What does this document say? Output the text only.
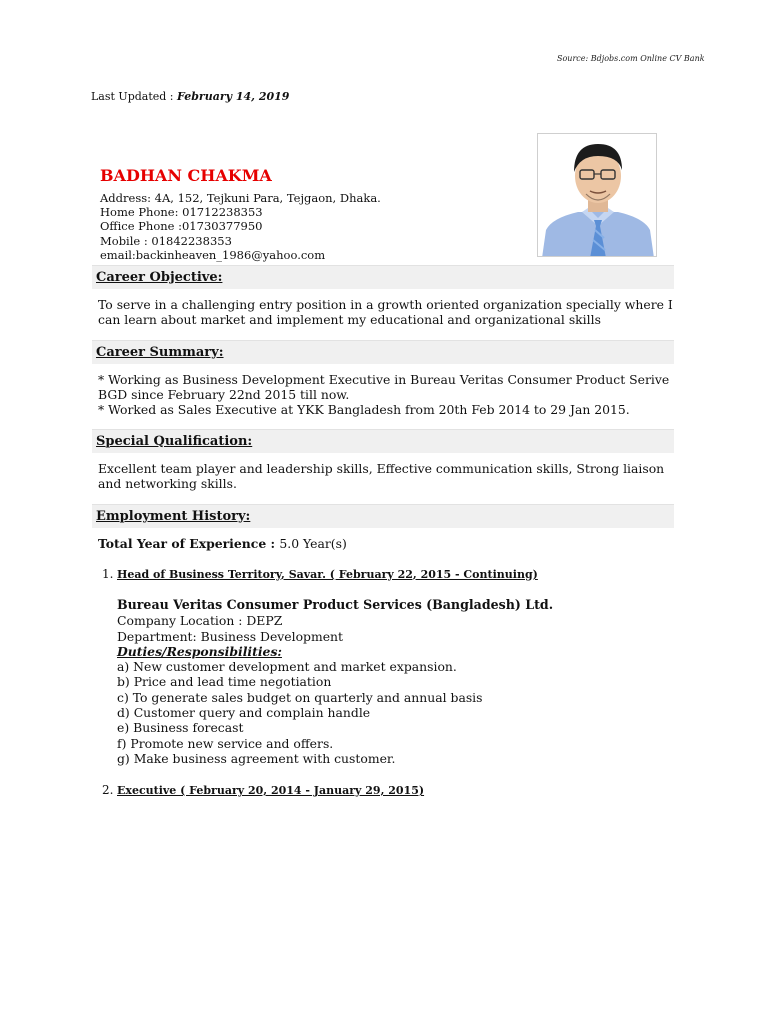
Source: Bdjobs.com Online CV Bank
Last Updated : February 14, 2019
BADHAN CHAKMA
Address: 4A, 152, Tejkuni Para, Tejgaon, Dhaka.
Home Phone: 01712238353
Office Phone :01730377950
Mobile : 01842238353
email:backinheaven_1986@yahoo.com
Career Objective:
To serve in a challenging entry position in a growth oriented organization specially where I
can learn about market and implement my educational and organizational skills
Career Summary:
* Working as Business Development Executive in Bureau Veritas Consumer Product Serive
BGD since February 22nd 2015 till now.
* Worked as Sales Executive at YKK Bangladesh from 20th Feb 2014 to 29 Jan 2015.
Special Qualification:
Excellent team player and leadership skills, Effective communication skills, Strong liaison
and networking skills.
Employment History:
Total Year of Experience : 5.0 Year(s)
1. Head of Business Territory, Savar. ( February 22, 2015 - Continuing)
Bureau Veritas Consumer Product Services (Bangladesh) Ltd.
Company Location : DEPZ
Department: Business Development
Duties/Responsibilities:
a) New customer development and market expansion.
b) Price and lead time negotiation
c) To generate sales budget on quarterly and annual basis
d) Customer query and complain handle
e) Business forecast
f) Promote new service and offers.
g) Make business agreement with customer.
2. Executive ( February 20, 2014 - January 29, 2015)
